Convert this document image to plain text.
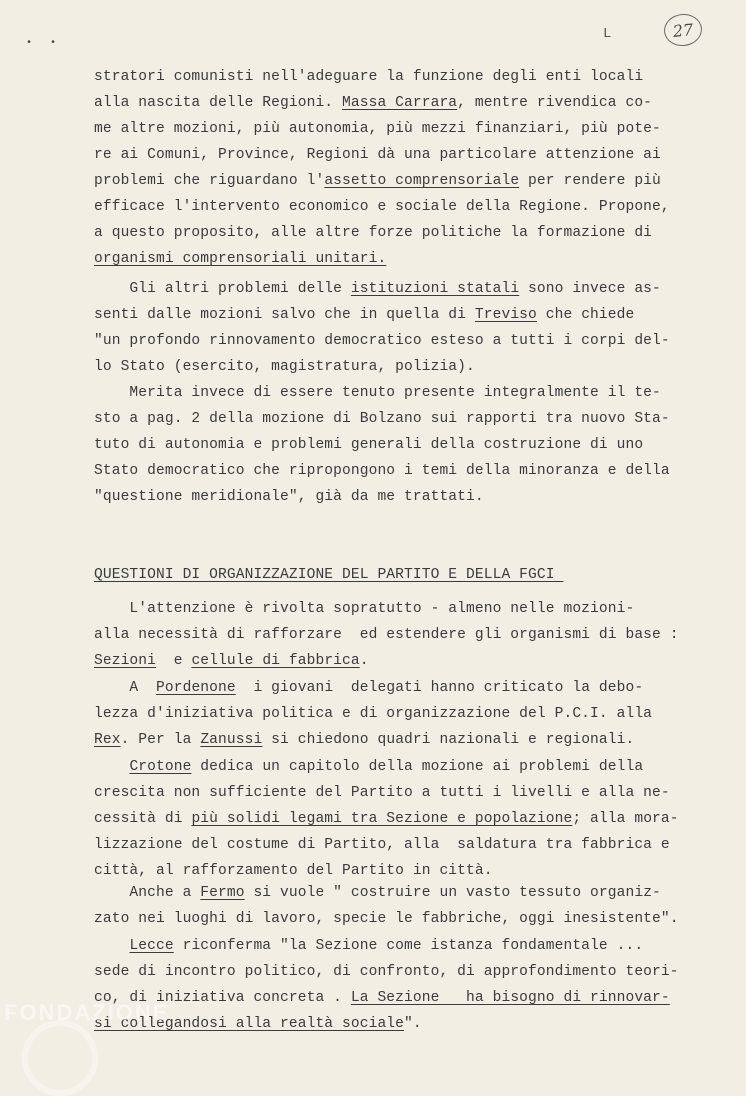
• •
L	27
stratori comunisti nell'adeguare la funzione degli enti locali
alla nascita delle Regioni. Massa Carrara, mentre rivendica co-
me altre mozioni, più autonomia, più mezzi finanziari, più pote-
re ai Comuni, Province, Regioni dà una particolare attenzione ai
problemi che riguardano l'assetto comprensoriale per rendere più
efficace l'intervento economico e sociale della Regione. Propone,
a questo proposito, alle altre forze politiche la formazione di
organismi comprensoriali unitari.
Gli altri problemi delle istituzioni statali sono invece as-
senti dalle mozioni salvo che in quella di Treviso che chiede
"un profondo rinnovamento democratico esteso a tutti i corpi del-
lo Stato (esercito, magistratura, polizia).
Merita invece di essere tenuto presente integralmente il te-
sto a pag. 2 della mozione di Bolzano sui rapporti tra nuovo Sta-
tuto di autonomia e problemi generali della costruzione di uno
Stato democratico che ripropongono i temi della minoranza e della
"questione meridionale", già da me trattati.
QUESTIONI DI ORGANIZZAZIONE DEL PARTITO E DELLA FGCI
L'attenzione è rivolta sopratutto - almeno nelle mozioni-
alla necessità di rafforzare  ed estendere gli organismi di base :
Sezioni  e cellule di fabbrica.
A  Pordenone  i giovani  delegati hanno criticato la debo-
lezza d'iniziativa politica e di organizzazione del P.C.I. alla
Rex. Per la Zanussi si chiedono quadri nazionali e regionali.
Crotone dedica un capitolo della mozione ai problemi della
crescita non sufficiente del Partito a tutti i livelli e alla ne-
cessità di più solidi legami tra Sezione e popolazione; alla mora-
lizzazione del costume di Partito, alla  saldatura tra fabbrica e
città, al rafforzamento del Partito in città.
Anche a Fermo si vuole " costruire un vasto tessuto organiz-
zato nei luoghi di lavoro, specie le fabbriche, oggi inesistente".
Lecce riconferma "la Sezione come istanza fondamentale ...
sede di incontro politico, di confronto, di approfondimento teori-
co, di iniziativa concreta . La Sezione   ha bisogno di rinnovar-
si collegandosi alla realtà sociale".
FONDAZIONE
